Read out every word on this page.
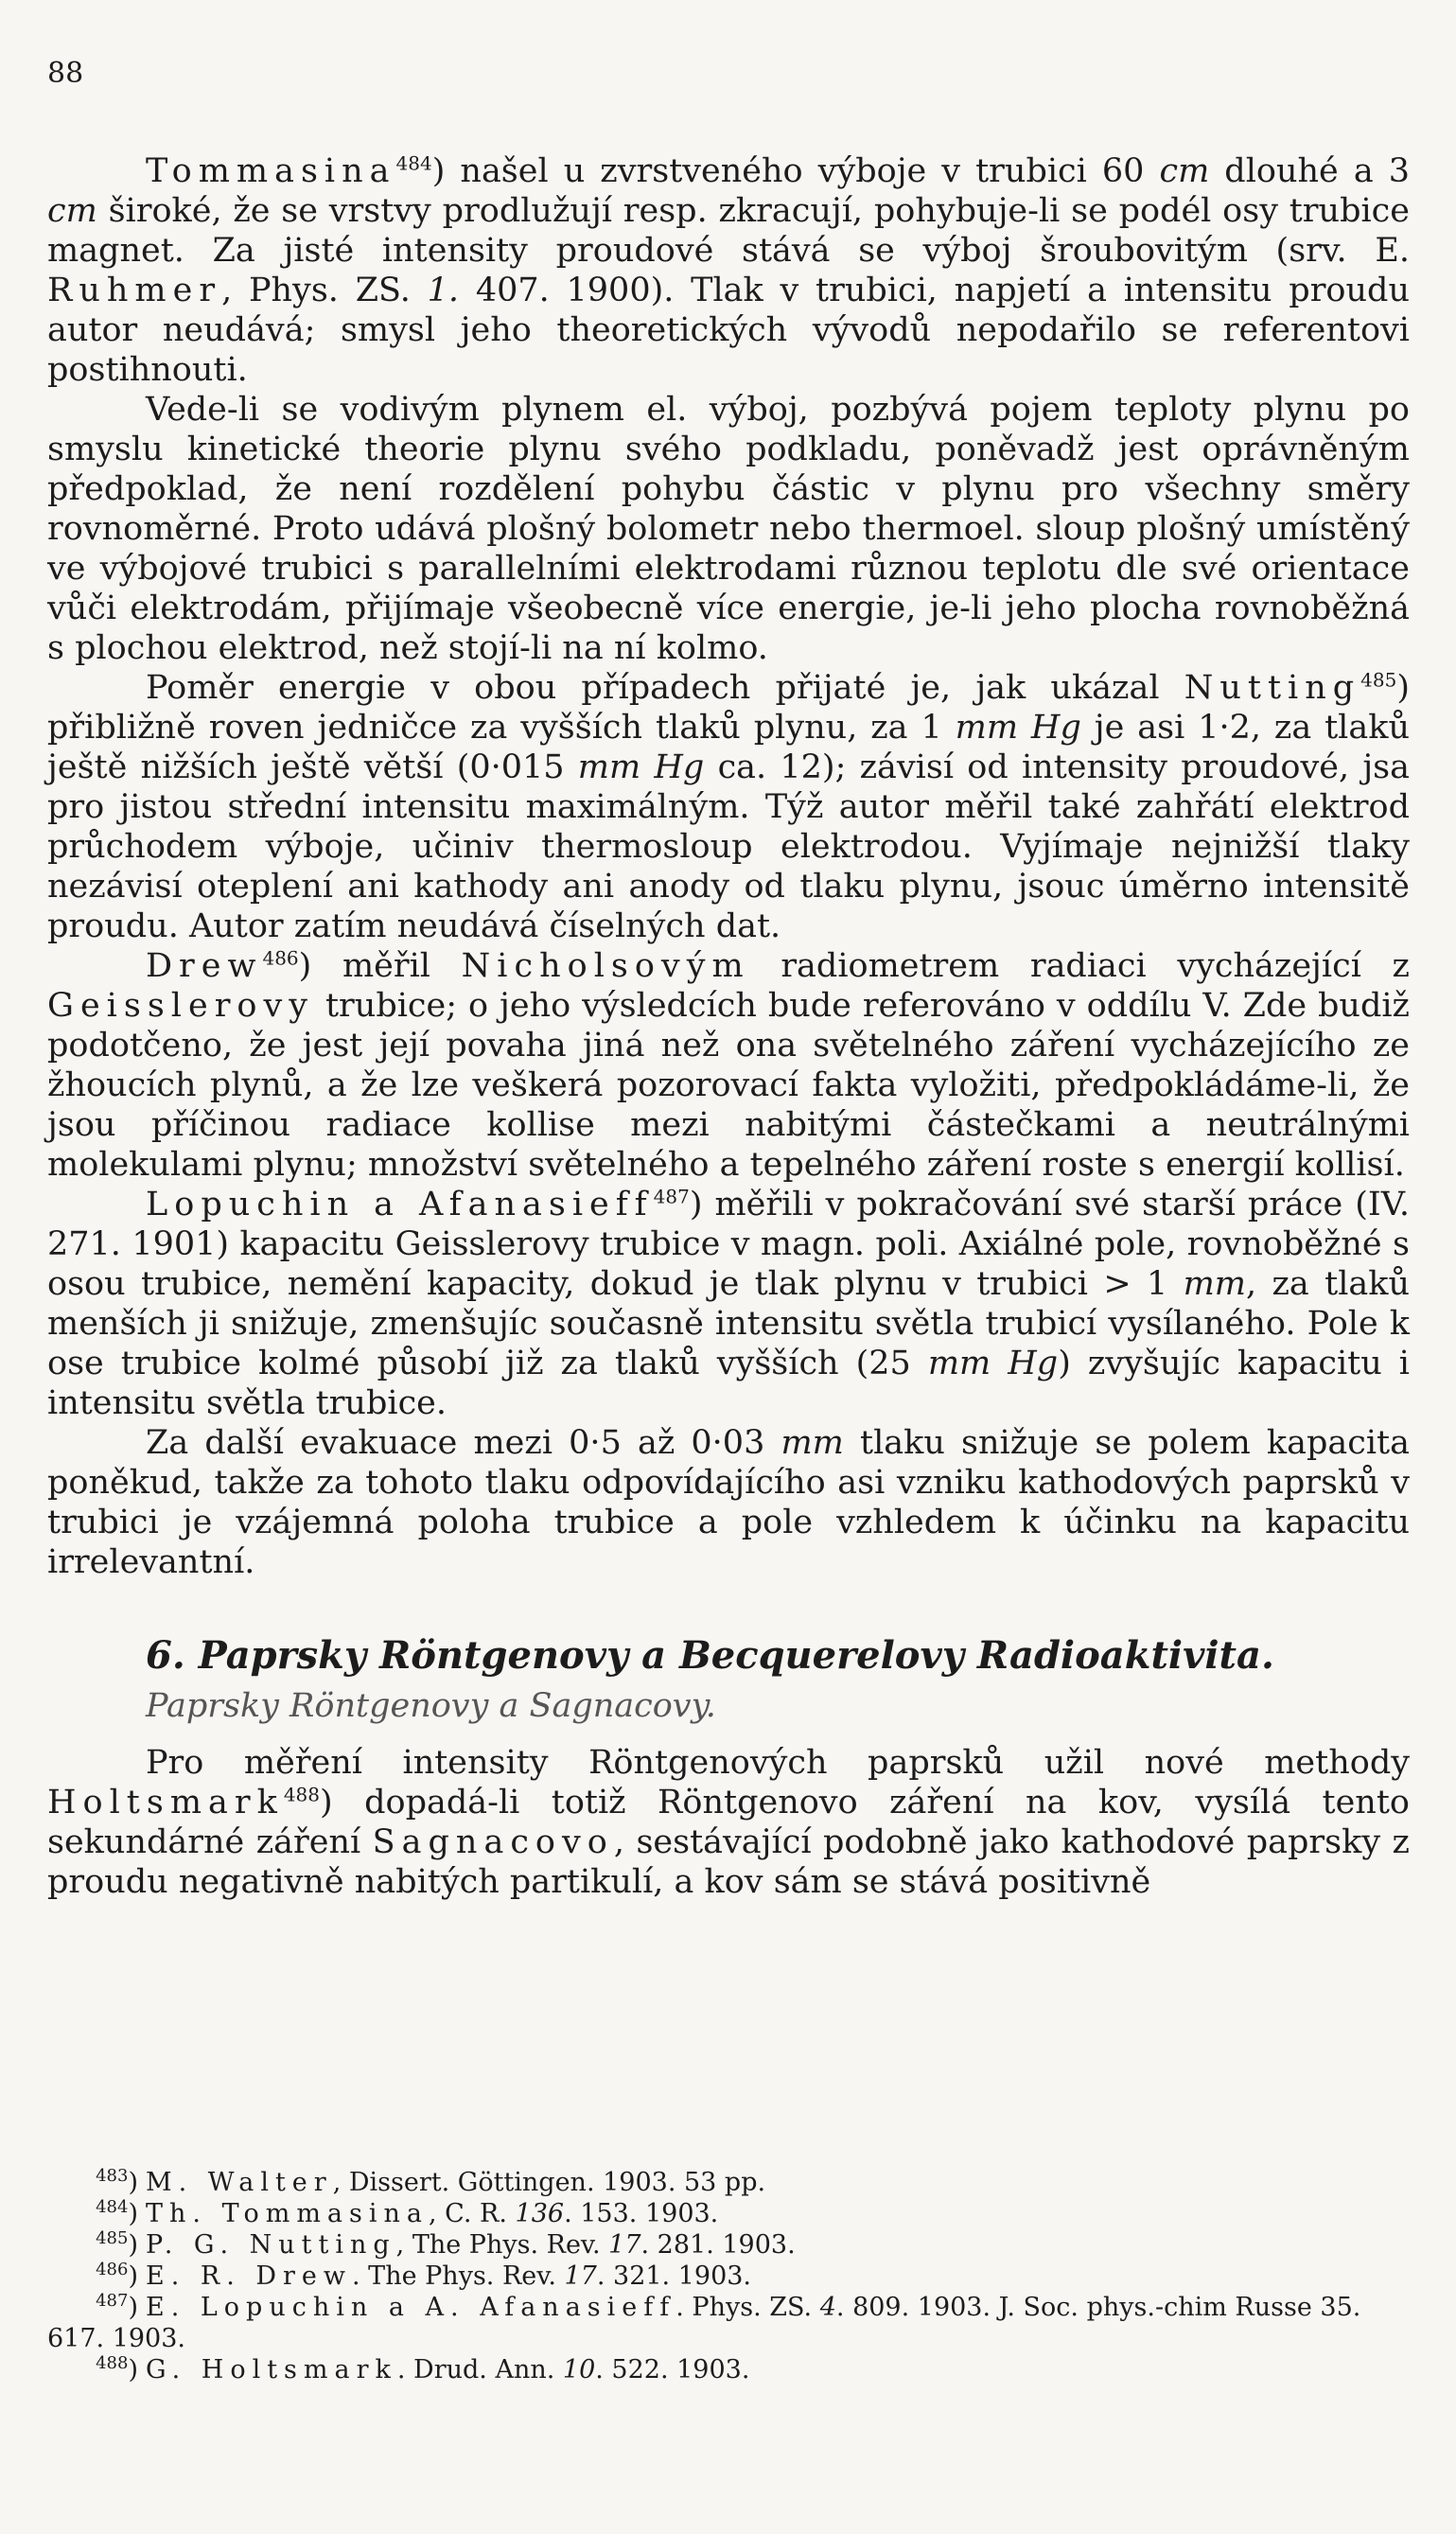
88

Tommasina$^{484}$) našel u zvrstveného výboje v trubici 60 cm dlouhé a 3 cm široké, že se vrstvy prodlužují resp. zkracují, pohybuje-li se podél osy trubice magnet. Za jisté intensity proudové stává se výboj šroubovitým (srv. E. Ruhmer, Phys. ZS. 1. 407. 1900). Tlak v trubici, napjetí a intensitu proudu autor neudává; smysl jeho theoretických vývodů nepodařilo se referentovi postihnouti.

Vede-li se vodivým plynem el. výboj, pozbývá pojem teploty plynu po smyslu kinetické theorie plynu svého podkladu, poněvadž jest oprávněným předpoklad, že není rozdělení pohybu částic v plynu pro všechny směry rovnoměrné. Proto udává plošný bolometr nebo thermoel. sloup plošný umístěný ve výbojové trubici s parallelními elektrodami různou teplotu dle své orientace vůči elektrodám, přijímaje všeobecně více energie, je-li jeho plocha rovnoběžná s plochou elektrod, než stojí-li na ní kolmo.

Poměr energie v obou případech přijaté je, jak ukázal Nutting$^{485}$) přibližně roven jedničce za vyšších tlaků plynu, za 1 mm Hg je asi 1·2, za tlaků ještě nižších ještě větší (0·015 mm Hg ca. 12); závisí od intensity proudové, jsa pro jistou střední intensitu maximálným. Týž autor měřil také zahřátí elektrod průchodem výboje, učiniv thermosloup elektrodou. Vyjímaje nejnižší tlaky nezávisí oteplení ani kathody ani anody od tlaku plynu, jsouc úměrno intensitě proudu. Autor zatím neudává číselných dat.

Drew$^{486}$) měřil Nicholsovým radiometrem radiaci vycházející z Geisslerovy trubice; o jeho výsledcích bude referováno v oddílu V. Zde budiž podotčeno, že jest její povaha jiná než ona světelného záření vycházejícího ze žhoucích plynů, a že lze veškerá pozorovací fakta vyložiti, předpokládáme-li, že jsou příčinou radiace kollise mezi nabitými částečkami a neutrálnými molekulami plynu; množství světelného a tepelného záření roste s energií kollisí.

Lopuchin a Afanasieff$^{487}$) měřili v pokračování své starší práce (IV. 271. 1901) kapacitu Geisslerovy trubice v magn. poli. Axiálné pole, rovnoběžné s osou trubice, nemění kapacity, dokud je tlak plynu v trubici > 1 mm, za tlaků menších ji snižuje, zmenšujíc současně intensitu světla trubicí vysílaného. Pole k ose trubice kolmé působí již za tlaků vyšších (25 mm Hg) zvyšujíc kapacitu i intensitu světla trubice.

Za další evakuace mezi 0·5 až 0·03 mm tlaku snižuje se polem kapacita poněkud, takže za tohoto tlaku odpovídajícího asi vzniku kathodových paprsků v trubici je vzájemná poloha trubice a pole vzhledem k účinku na kapacitu irrelevantní.

6. Paprsky Röntgenovy a Becquerelovy Radioaktivita.
Paprsky Röntgenovy a Sagnacovy.

Pro měření intensity Röntgenových paprsků užil nové methody Holtsmark$^{488}$) dopadá-li totiž Röntgenovo záření na kov, vysílá tento sekundárné záření Sagnacovo, sestávající podobně jako kathodové paprsky z proudu negativně nabitých partikulí, a kov sám se stává positivně

$^{483}$) M. Walter, Dissert. Göttingen. 1903. 53 pp.

$^{484}$) Th. Tommasina, C. R. 136. 153. 1903.

$^{485}$) P. G. Nutting, The Phys. Rev. 17. 281. 1903.

$^{486}$) E. R. Drew. The Phys. Rev. 17. 321. 1903.

$^{487}$) E. Lopuchin a A. Afanasieff. Phys. ZS. 4. 809. 1903. J. Soc. phys.-chim Russe 35. 617. 1903.

$^{488}$) G. Holtsmark. Drud. Ann. 10. 522. 1903.
